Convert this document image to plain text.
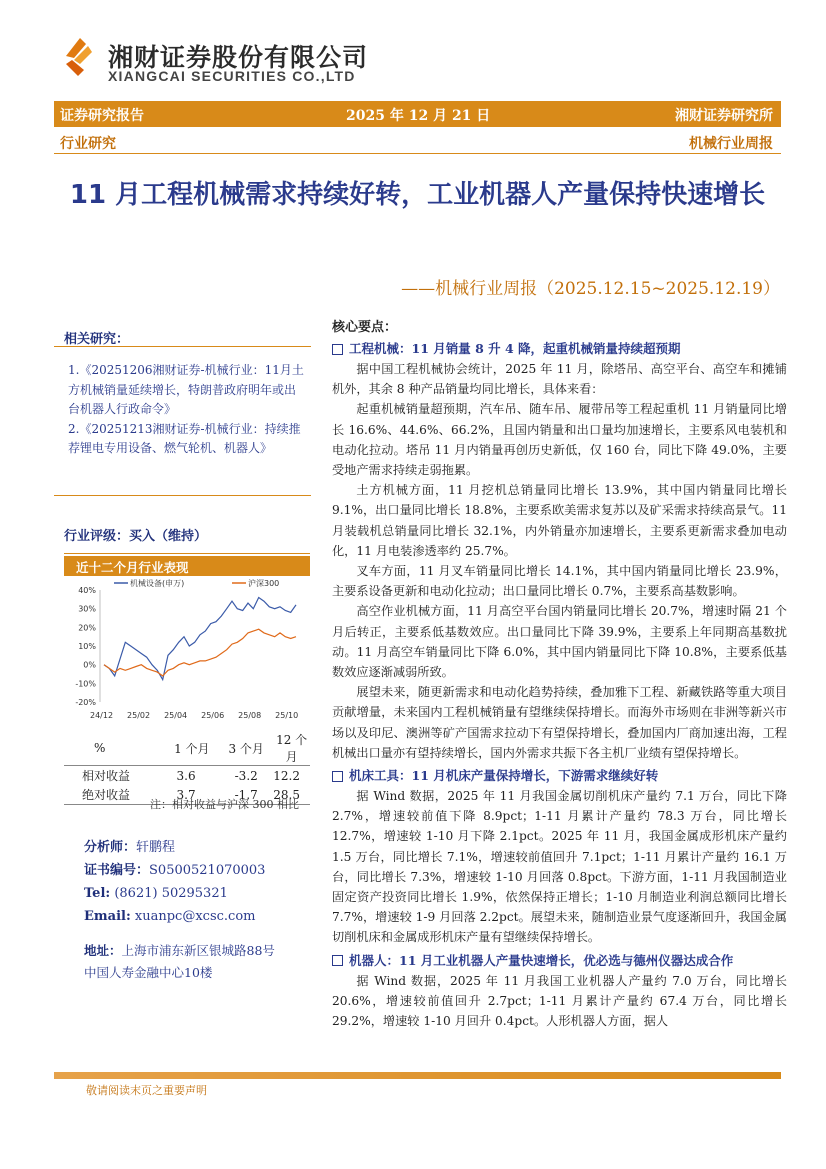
湘财证券股份有限公司
XIANGCAI SECURITIES CO.,LTD
证券研究报告	2025 年 12 月 21 日	湘财证券研究所
行业研究	机械行业周报
11 月工程机械需求持续好转，工业机器人产量保持快速增长
——机械行业周报（2025.12.15~2025.12.19）
相关研究：
1.《20251206湘财证券-机械行业：11月土方机械销量延续增长，特朗普政府明年或出台机器人行政命令》
2.《20251213湘财证券-机械行业：持续推荐锂电专用设备、燃气轮机、机器人》
行业评级：买入（维持）
近十二个月行业表现
机械设备(申万)	沪深300
40%
30%
20%
10%
0%
-10%
-20%
24/12 25/02 25/04 25/06 25/08 25/10
%	1 个月	3 个月	12 个月
相对收益	3.6	-3.2	12.2
绝对收益	3.7	-1.7	28.5
注：相对收益与沪深 300 相比
分析师：轩鹏程
证书编号：S0500521070003
Tel: (8621) 50295321
Email: xuanpc@xcsc.com
地址：上海市浦东新区银城路88号
中国人寿金融中心10楼
核心要点：
工程机械：11 月销量 8 升 4 降，起重机械销量持续超预期

据中国工程机械协会统计，2025 年 11 月，除塔吊、高空平台、高空车和摊铺机外，其余 8 种产品销量均同比增长，具体来看：

起重机械销量超预期，汽车吊、随车吊、履带吊等工程起重机 11 月销量同比增长 16.6%、44.6%、66.2%，且国内销量和出口量均加速增长，主要系风电装机和电动化拉动。塔吊 11 月内销量再创历史新低，仅 160 台，同比下降 49.0%，主要受地产需求持续走弱拖累。

土方机械方面，11 月挖机总销量同比增长 13.9%，其中国内销量同比增长 9.1%，出口量同比增长 18.8%，主要系欧美需求复苏以及矿采需求持续高景气。11 月装载机总销量同比增长 32.1%，内外销量亦加速增长，主要系更新需求叠加电动化，11 月电装渗透率约 25.7%。

叉车方面，11 月叉车销量同比增长 14.1%，其中国内销量同比增长 23.9%，主要系设备更新和电动化拉动；出口量同比增长 0.7%，主要系高基数影响。

高空作业机械方面，11 月高空平台国内销量同比增长 20.7%，增速时隔 21 个月后转正，主要系低基数效应。出口量同比下降 39.9%，主要系上年同期高基数扰动。11 月高空车销量同比下降 6.0%，其中国内销量同比下降 10.8%，主要系低基数效应逐渐减弱所致。

展望未来，随更新需求和电动化趋势持续，叠加雅下工程、新藏铁路等重大项目贡献增量，未来国内工程机械销量有望继续保持增长。而海外市场则在非洲等新兴市场以及印尼、澳洲等矿产国需求拉动下有望保持增长，叠加国内厂商加速出海，工程机械出口量亦有望持续增长，国内外需求共振下各主机厂业绩有望保持增长。

机床工具：11 月机床产量保持增长，下游需求继续好转

据 Wind 数据，2025 年 11 月我国金属切削机床产量约 7.1 万台，同比下降 2.7%，增速较前值下降 8.9pct；1-11 月累计产量约 78.3 万台，同比增长 12.7%，增速较 1-10 月下降 2.1pct。2025 年 11 月，我国金属成形机床产量约 1.5 万台，同比增长 7.1%，增速较前值回升 7.1pct；1-11 月累计产量约 16.1 万台，同比增长 7.3%，增速较 1-10 月回落 0.8pct。下游方面，1-11 月我国制造业固定资产投资同比增长 1.9%，依然保持正增长；1-10 月制造业利润总额同比增长 7.7%，增速较 1-9 月回落 2.2pct。展望未来，随制造业景气度逐渐回升，我国金属切削机床和金属成形机床产量有望继续保持增长。

机器人：11 月工业机器人产量快速增长，优必选与德州仪器达成合作

据 Wind 数据，2025 年 11 月我国工业机器人产量约 7.0 万台，同比增长 20.6%，增速较前值回升 2.7pct；1-11 月累计产量约 67.4 万台，同比增长 29.2%，增速较 1-10 月回升 0.4pct。人形机器人方面，据人

敬请阅读末页之重要声明
